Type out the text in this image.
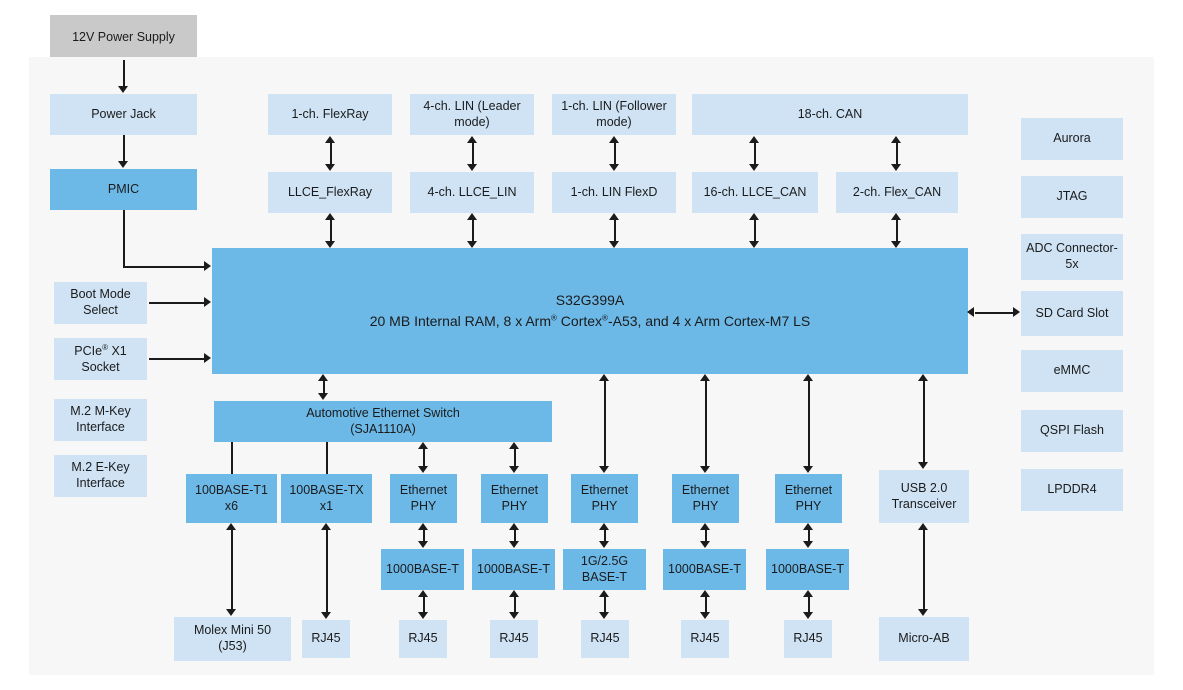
12V Power Supply
Power Jack
PMIC
Boot Mode Select
PCIe® X1 Socket
M.2 M-Key Interface
M.2 E-Key Interface
1-ch. FlexRay
LLCE_FlexRay
4-ch. LIN (Leader mode)
4-ch. LLCE_LIN
1-ch. LIN (Follower mode)
1-ch. LIN FlexD
18-ch. CAN
16-ch. LLCE_CAN	2-ch. Flex_CAN
S32G399A
20 MB Internal RAM, 8 x Arm® Cortex®-A53, and 4 x Arm Cortex-M7 LS
Aurora
JTAG
ADC Connector-5x
SD Card Slot
eMMC
QSPI Flash
LPDDR4
Automotive Ethernet Switch
(SJA1110A)
100BASE-T1
x6
100BASE-TX
x1
Ethernet
PHY
Ethernet
PHY
Ethernet
PHY
Ethernet
PHY
Ethernet
PHY
USB 2.0
Transceiver
1000BASE-T 1000BASE-T
1G/2.5G
BASE-T
1000BASE-T 1000BASE-T
Molex Mini 50
(J53)
RJ45	RJ45	RJ45	RJ45	RJ45	RJ45	Micro-AB
